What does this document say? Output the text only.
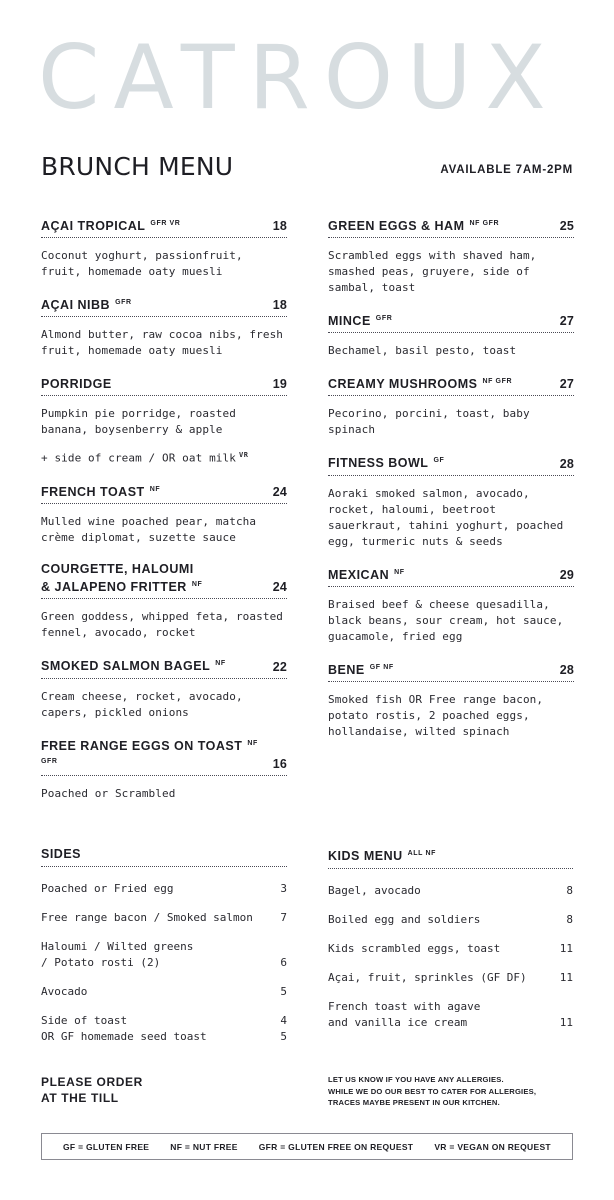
CATROUX
BRUNCH MENU	AVAILABLE 7AM-2PM
AÇAI TROPICAL $^{GFR VR}$	18
Coconut yoghurt, passionfruit, fruit, homemade oaty muesli
AÇAI NIBB $^{GFR}$	18
Almond butter, raw cocoa nibs, fresh fruit, homemade oaty muesli
PORRIDGE	19
Pumpkin pie porridge, roasted banana, boysenberry & apple
+ side of cream / OR oat milk $^{VR}$
FRENCH TOAST $^{NF}$	24
Mulled wine poached pear, matcha crème diplomat, suzette sauce
COURGETTE, HALOUMI
& JALAPENO FRITTER $^{NF}$	24
Green goddess, whipped feta, roasted fennel, avocado, rocket
SMOKED SALMON BAGEL $^{NF}$	22
Cream cheese, rocket, avocado, capers, pickled onions
FREE RANGE EGGS ON TOAST $^{NF GFR}$	16
Poached or Scrambled
GREEN EGGS & HAM $^{NF GFR}$	25
Scrambled eggs with shaved ham, smashed peas, gruyere, side of sambal, toast
MINCE $^{GFR}$	27
Bechamel, basil pesto, toast
CREAMY MUSHROOMS $^{NF GFR}$	27
Pecorino, porcini, toast, baby spinach
FITNESS BOWL $^{GF}$	28
Aoraki smoked salmon, avocado, rocket, haloumi, beetroot sauerkraut, tahini yoghurt, poached egg, turmeric nuts & seeds
MEXICAN $^{NF}$	29
Braised beef & cheese quesadilla, black beans, sour cream, hot sauce, guacamole, fried egg
BENE $^{GF NF}$	28
Smoked fish OR Free range bacon, potato rostis, 2 poached eggs, hollandaise, wilted spinach
SIDES
Poached or Fried egg	3
Free range bacon / Smoked salmon	7
Haloumi / Wilted greens
/ Potato rosti (2)	6
Avocado	5
Side of toast	4
OR GF homemade seed toast	5
KIDS MENU $^{ALL NF}$
Bagel, avocado	8
Boiled egg and soldiers	8
Kids scrambled eggs, toast	11
Açai, fruit, sprinkles (GF DF)	11
French toast with agave
and vanilla ice cream	11
PLEASE ORDER
AT THE TILL
LET US KNOW IF YOU HAVE ANY ALLERGIES.
WHILE WE DO OUR BEST TO CATER FOR ALLERGIES,
TRACES MAYBE PRESENT IN OUR KITCHEN.
GF = GLUTEN FREE NF = NUT FREE GFR = GLUTEN FREE ON REQUEST VR = VEGAN ON REQUEST
